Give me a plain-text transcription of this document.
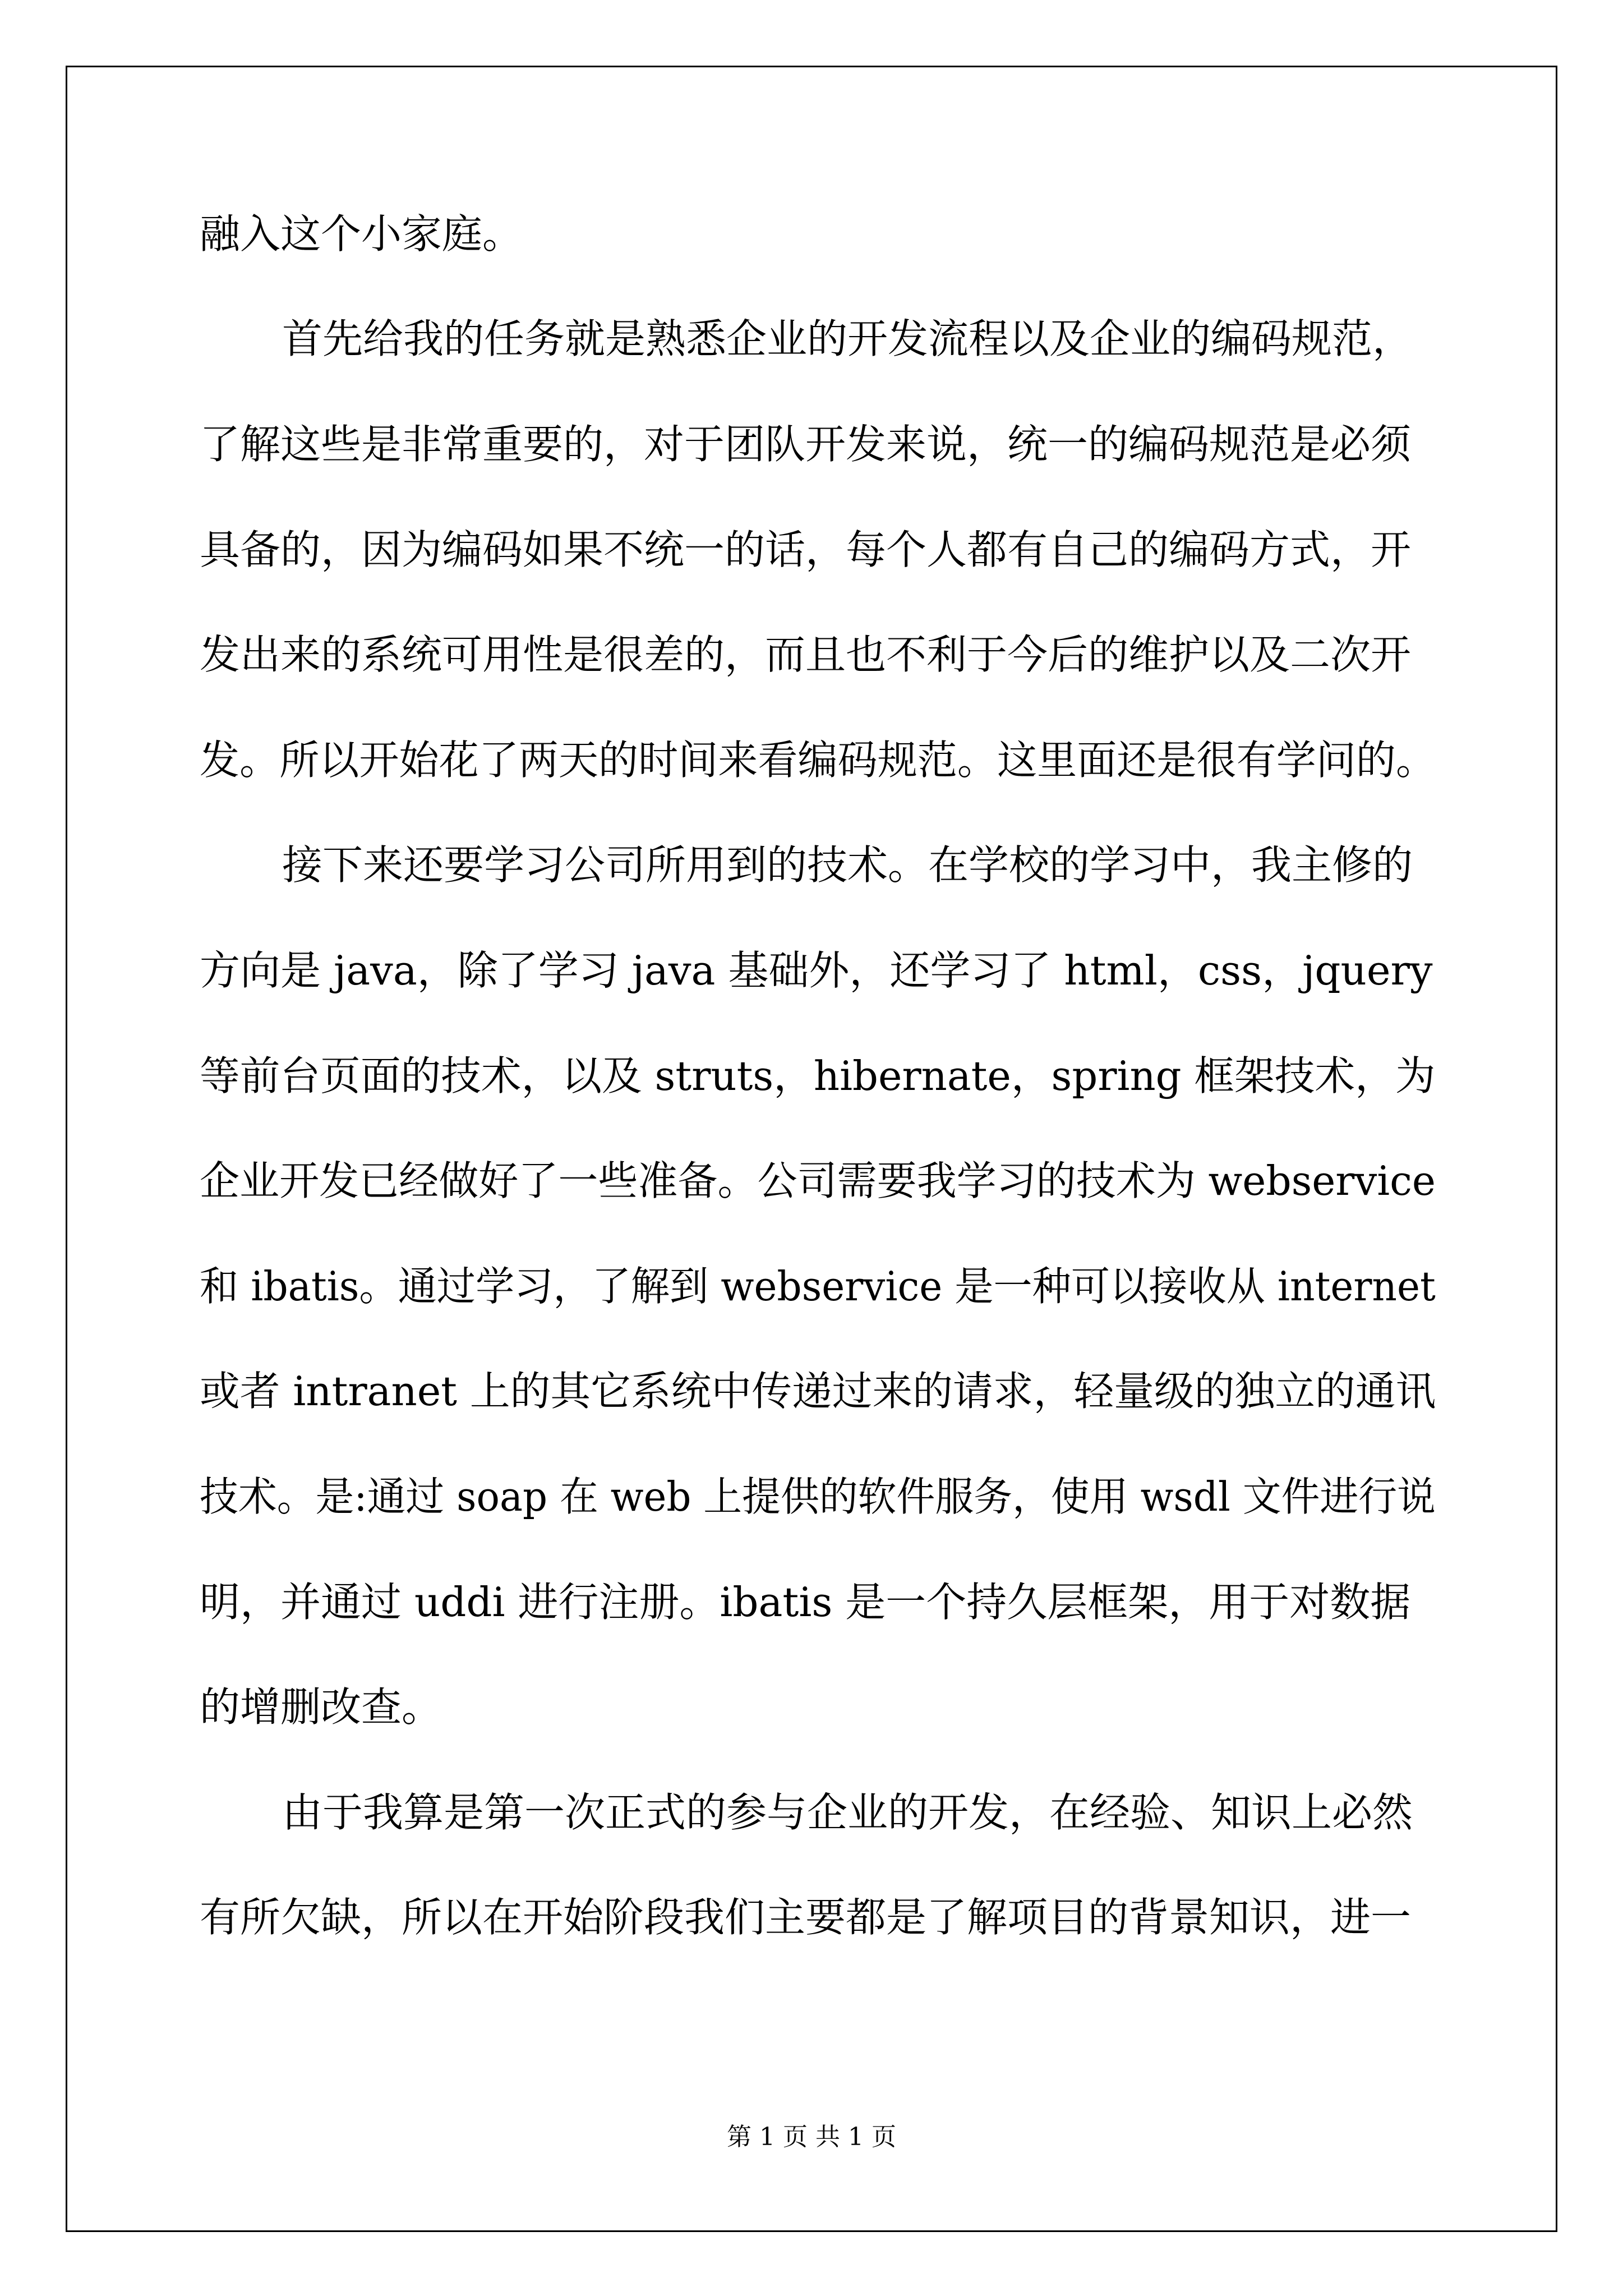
融入这个小家庭。
首先给我的任务就是熟悉企业的开发流程以及企业的编码规范，
了解这些是非常重要的，对于团队开发来说，统一的编码规范是必须
具备的，因为编码如果不统一的话，每个人都有自己的编码方式，开
发出来的系统可用性是很差的，而且也不利于今后的维护以及二次开
发。所以开始花了两天的时间来看编码规范。这里面还是很有学问的。
接下来还要学习公司所用到的技术。在学校的学习中，我主修的
方向是 java，除了学习 java 基础外，还学习了 html，css，jquery
等前台页面的技术，以及 struts，hibernate，spring 框架技术，为
企业开发已经做好了一些准备。公司需要我学习的技术为 webservice
和 ibatis。通过学习，了解到 webservice 是一种可以接收从 internet
或者 intranet 上的其它系统中传递过来的请求，轻量级的独立的通讯
技术。是:通过 soap 在 web 上提供的软件服务，使用 wsdl 文件进行说
明，并通过 uddi 进行注册。ibatis 是一个持久层框架，用于对数据
的增删改查。
由于我算是第一次正式的参与企业的开发，在经验、知识上必然
有所欠缺，所以在开始阶段我们主要都是了解项目的背景知识，进一
第 1 页 共 1 页
